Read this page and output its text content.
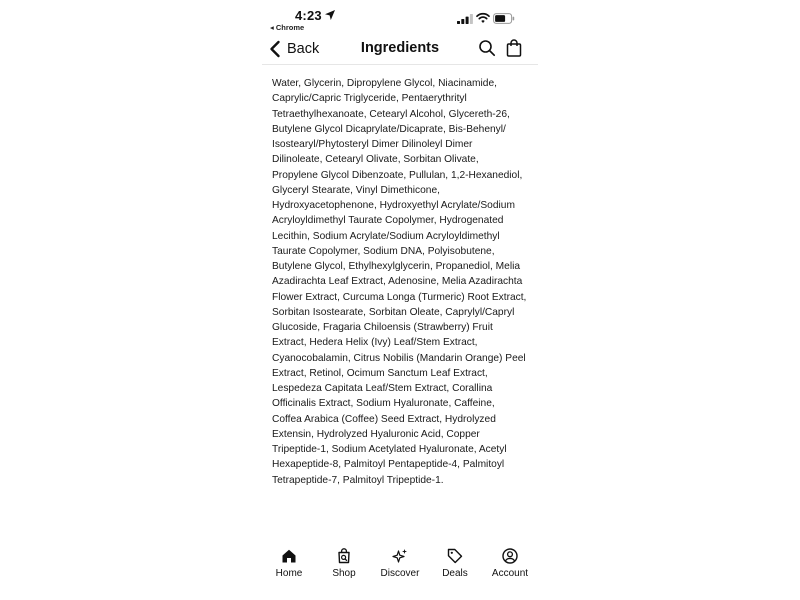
4:23
◂ Chrome
Back	Ingredients
Water, Glycerin, Dipropylene Glycol, Niacinamide,
Caprylic/Capric Triglyceride, Pentaerythrityl
Tetraethylhexanoate, Cetearyl Alcohol, Glycereth-26,
Butylene Glycol Dicaprylate/Dicaprate, Bis-Behenyl/
Isostearyl/Phytosteryl Dimer Dilinoleyl Dimer
Dilinoleate, Cetearyl Olivate, Sorbitan Olivate,
Propylene Glycol Dibenzoate, Pullulan, 1,2-Hexanediol,
Glyceryl Stearate, Vinyl Dimethicone,
Hydroxyacetophenone, Hydroxyethyl Acrylate/Sodium
Acryloyldimethyl Taurate Copolymer, Hydrogenated
Lecithin, Sodium Acrylate/Sodium Acryloyldimethyl
Taurate Copolymer, Sodium DNA, Polyisobutene,
Butylene Glycol, Ethylhexylglycerin, Propanediol, Melia
Azadirachta Leaf Extract, Adenosine, Melia Azadirachta
Flower Extract, Curcuma Longa (Turmeric) Root Extract,
Sorbitan Isostearate, Sorbitan Oleate, Caprylyl/Capryl
Glucoside, Fragaria Chiloensis (Strawberry) Fruit
Extract, Hedera Helix (Ivy) Leaf/Stem Extract,
Cyanocobalamin, Citrus Nobilis (Mandarin Orange) Peel
Extract, Retinol, Ocimum Sanctum Leaf Extract,
Lespedeza Capitata Leaf/Stem Extract, Corallina
Officinalis Extract, Sodium Hyaluronate, Caffeine,
Coffea Arabica (Coffee) Seed Extract, Hydrolyzed
Extensin, Hydrolyzed Hyaluronic Acid, Copper
Tripeptide-1, Sodium Acetylated Hyaluronate, Acetyl
Hexapeptide-8, Palmitoyl Pentapeptide-4, Palmitoyl
Tetrapeptide-7, Palmitoyl Tripeptide-1.
Home	Shop	Discover	Deals	Account
